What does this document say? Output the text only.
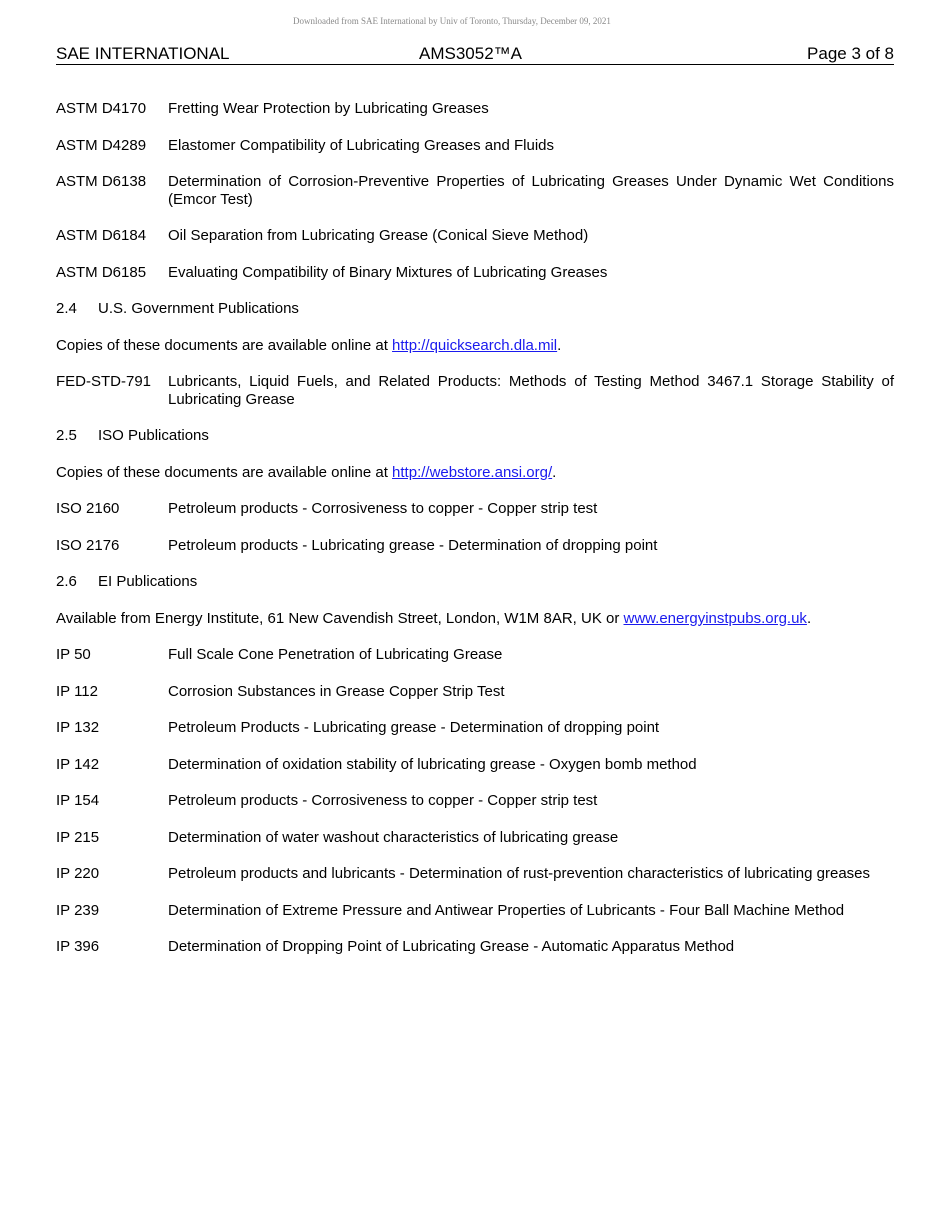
Downloaded from SAE International by Univ of Toronto, Thursday, December 09, 2021
SAE INTERNATIONAL	AMS3052™A	Page 3 of 8
ASTM D4170	Fretting Wear Protection by Lubricating Greases
ASTM D4289	Elastomer Compatibility of Lubricating Greases and Fluids
ASTM D6138	Determination of Corrosion-Preventive Properties of Lubricating Greases Under Dynamic Wet Conditions (Emcor Test)
ASTM D6184	Oil Separation from Lubricating Grease (Conical Sieve Method)
ASTM D6185	Evaluating Compatibility of Binary Mixtures of Lubricating Greases
2.4 U.S. Government Publications
Copies of these documents are available online at http://quicksearch.dla.mil.
FED-STD-791	Lubricants, Liquid Fuels, and Related Products: Methods of Testing Method 3467.1 Storage Stability of Lubricating Grease
2.5 ISO Publications
Copies of these documents are available online at http://webstore.ansi.org/.
ISO 2160	Petroleum products - Corrosiveness to copper - Copper strip test
ISO 2176	Petroleum products - Lubricating grease - Determination of dropping point
2.6 EI Publications
Available from Energy Institute, 61 New Cavendish Street, London, W1M 8AR, UK or www.energyinstpubs.org.uk.
IP 50	Full Scale Cone Penetration of Lubricating Grease
IP 112	Corrosion Substances in Grease Copper Strip Test
IP 132	Petroleum Products - Lubricating grease - Determination of dropping point
IP 142	Determination of oxidation stability of lubricating grease - Oxygen bomb method
IP 154	Petroleum products - Corrosiveness to copper - Copper strip test
IP 215	Determination of water washout characteristics of lubricating grease
IP 220	Petroleum products and lubricants - Determination of rust-prevention characteristics of lubricating greases
IP 239	Determination of Extreme Pressure and Antiwear Properties of Lubricants - Four Ball Machine Method
IP 396	Determination of Dropping Point of Lubricating Grease - Automatic Apparatus Method
